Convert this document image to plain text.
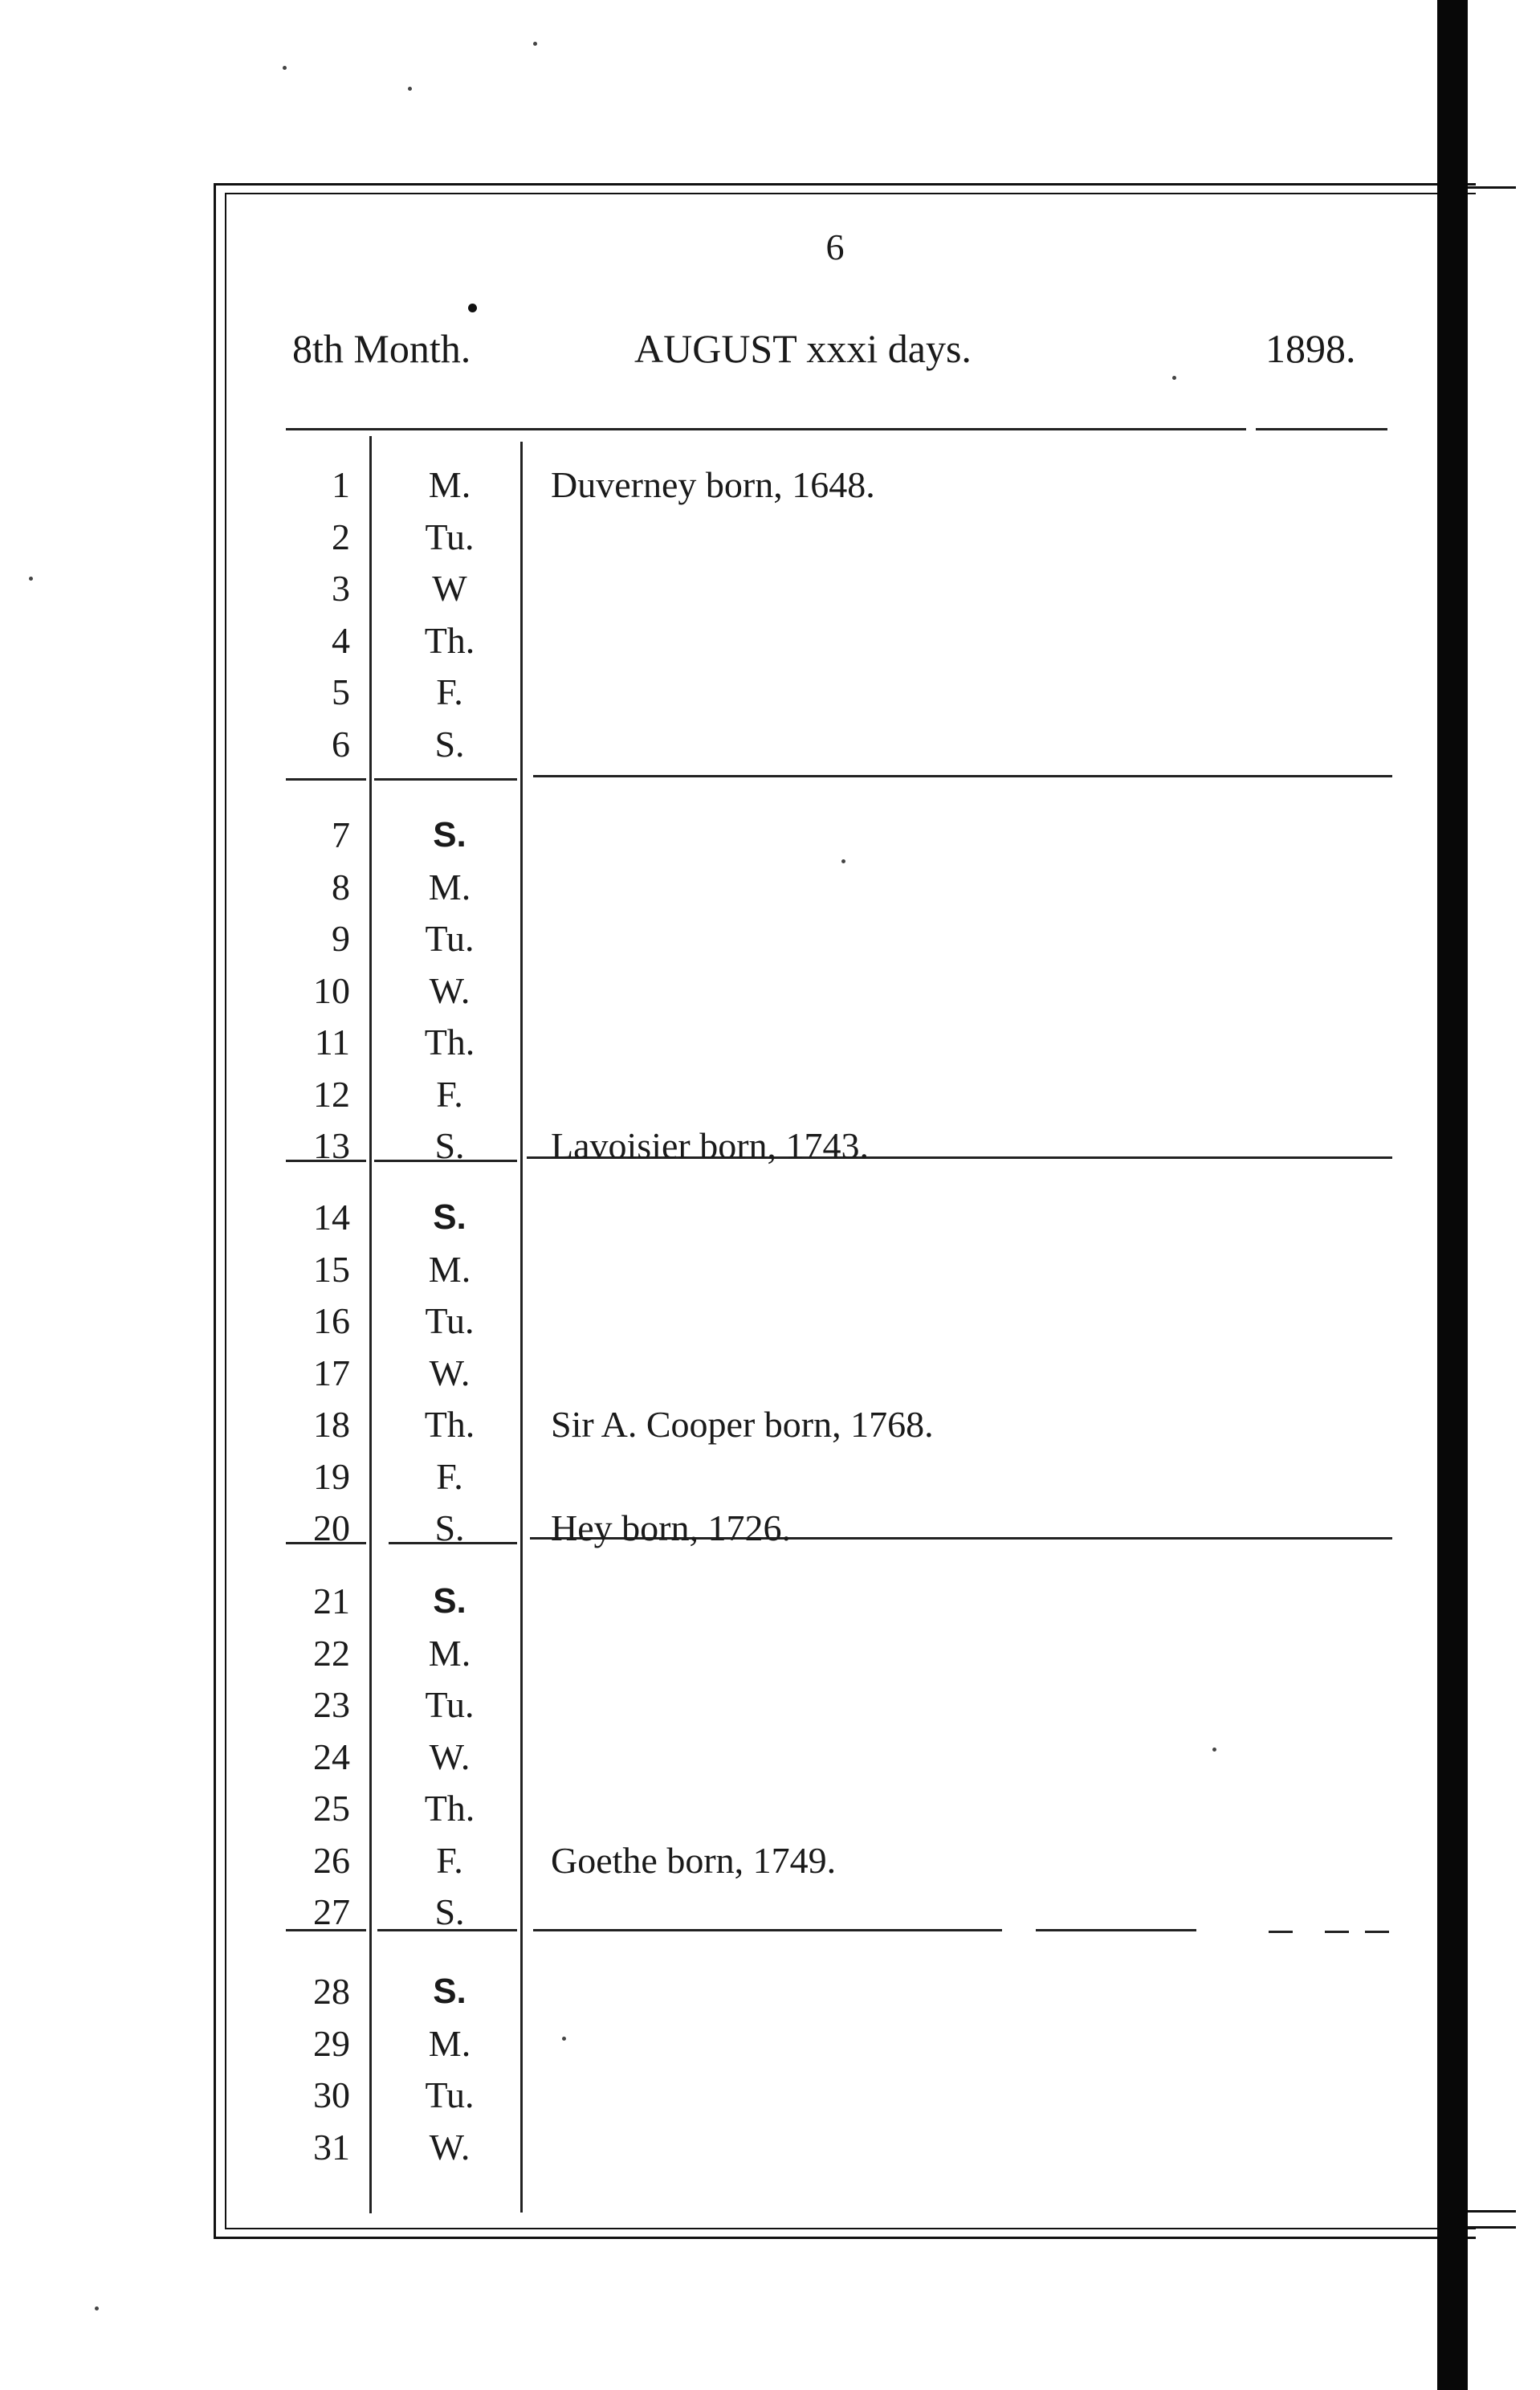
6
8th Month.	AUGUST xxxi days.	1898.
1	M.	Duverney born, 1648.
2	Tu.
3	W
4	Th.
5	F.
6	S.
7	S.
8	M.
9	Tu.
10	W.
11	Th.
12	F.
13	S.	Lavoisier born, 1743.
14	S.
15	M.
16	Tu.
17	W.
18	Th.	Sir A. Cooper born, 1768.
19	F.
20	S.	Hey born, 1726.
21	S.
22	M.
23	Tu.
24	W.
25	Th.
26	F.	Goethe born, 1749.
27	S.
28	S.
29	M.
30	Tu.
31	W.
